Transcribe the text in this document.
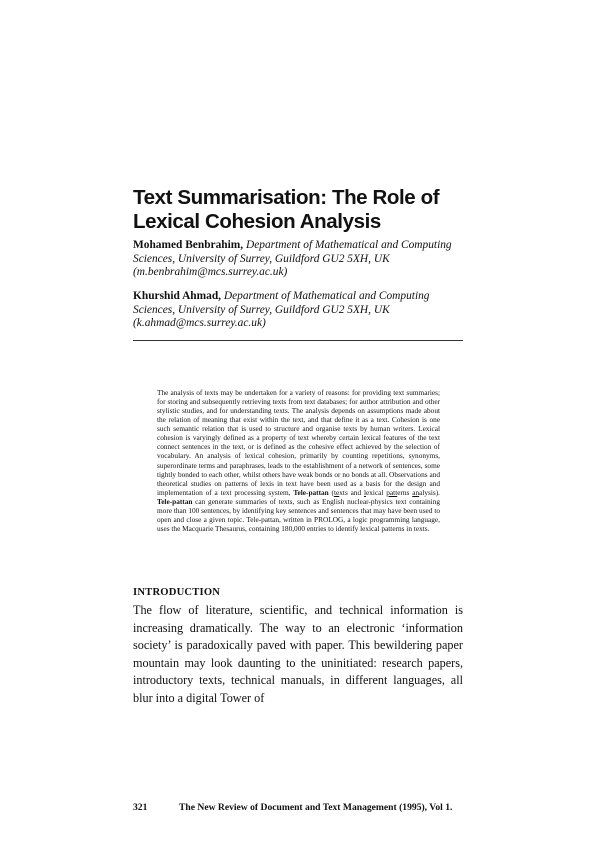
Text Summarisation: The Role of
Lexical Cohesion Analysis
Mohamed Benbrahim, Department of Mathematical and Computing Sciences, University of Surrey, Guildford GU2 5XH, UK
(m.benbrahim@mcs.surrey.ac.uk)
Khurshid Ahmad, Department of Mathematical and Computing Sciences, University of Surrey, Guildford GU2 5XH, UK
(k.ahmad@mcs.surrey.ac.uk)
The analysis of texts may be undertaken for a variety of reasons: for providing text summaries; for storing and subsequently retrieving texts from text databases; for author attribution and other stylistic studies, and for understanding texts. The analysis depends on assumptions made about the relation of meaning that exist within the text, and that define it as a text. Cohesion is one such semantic relation that is used to structure and organise texts by human writers. Lexical cohesion is varyingly defined as a property of text whereby certain lexical features of the text connect sentences in the text, or is defined as the cohesive effect achieved by the selection of vocabulary. An analysis of lexical cohesion, primarily by counting repetitions, synonyms, superordinate terms and paraphrases, leads to the establishment of a network of sentences, some tightly bonded to each other, whilst others have weak bonds or no bonds at all. Observations and theoretical studies on patterns of lexis in text have been used as a basis for the design and implementation of a text processing system, Tele-pattan (texts and lexical patterns analysis). Tele-pattan can generate summaries of texts, such as English nuclear-physics text containing more than 100 sentences, by identifying key sentences and sentences that may have been used to open and close a given topic. Tele-pattan, written in PROLOG, a logic programming language, uses the Macquarie Thesaurus, containing 180,000 entries to identify lexical patterns in texts.
INTRODUCTION
The flow of literature, scientific, and technical information is increasing dramatically. The way to an electronic ‘information society’ is paradoxically paved with paper. This bewildering paper mountain may look daunting to the uninitiated: research papers, introductory texts, technical manuals, in different languages, all blur into a digital Tower of
321	The New Review of Document and Text Management (1995), Vol 1.
